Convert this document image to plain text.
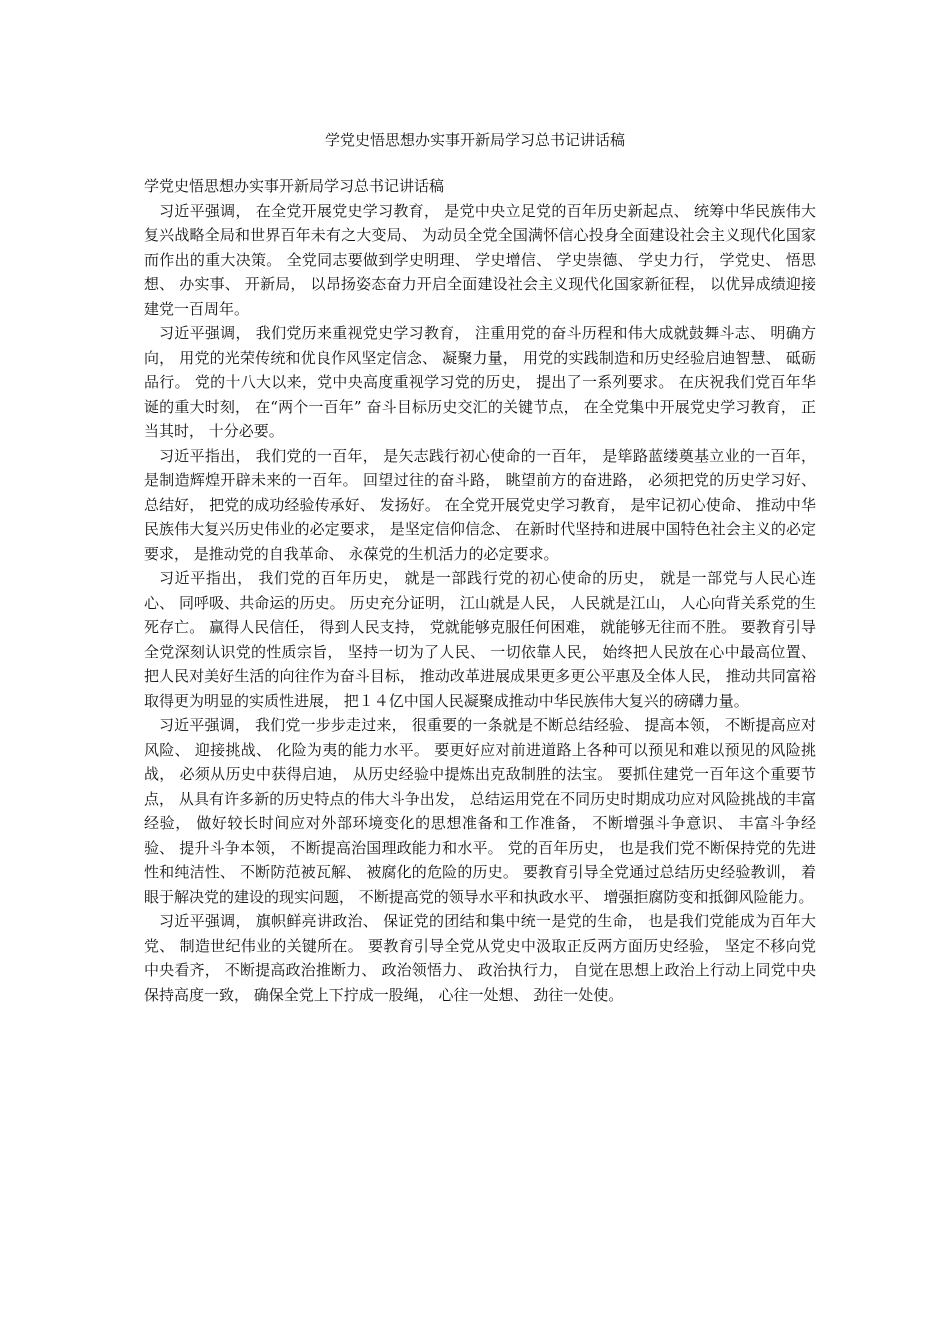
学党史悟思想办实事开新局学习总书记讲话稿

学党史悟思想办实事开新局学习总书记讲话稿

习近平强调， 在全党开展党史学习教育， 是党中央立足党的百年历史新起点、 统筹中华民族伟大复兴战略全局和世界百年未有之大变局、 为动员全党全国满怀信心投身全面建设社会主义现代化国家而作出的重大决策。 全党同志要做到学史明理、 学史增信、 学史崇德、 学史力行， 学党史、 悟思想、 办实事、 开新局， 以昂扬姿态奋力开启全面建设社会主义现代化国家新征程， 以优异成绩迎接建党一百周年。

习近平强调， 我们党历来重视党史学习教育， 注重用党的奋斗历程和伟大成就鼓舞斗志、 明确方向， 用党的光荣传统和优良作风坚定信念、 凝聚力量， 用党的实践制造和历史经验启迪智慧、 砥砺品行。 党的十八大以来，党中央高度重视学习党的历史， 提出了一系列要求。 在庆祝我们党百年华诞的重大时刻， 在“两个一百年” 奋斗目标历史交汇的关键节点， 在全党集中开展党史学习教育， 正当其时， 十分必要。

习近平指出， 我们党的一百年， 是矢志践行初心使命的一百年， 是筚路蓝缕奠基立业的一百年， 是制造辉煌开辟未来的一百年。 回望过往的奋斗路， 眺望前方的奋进路， 必须把党的历史学习好、 总结好， 把党的成功经验传承好、 发扬好。 在全党开展党史学习教育， 是牢记初心使命、 推动中华民族伟大复兴历史伟业的必定要求， 是坚定信仰信念、 在新时代坚持和进展中国特色社会主义的必定要求， 是推动党的自我革命、 永葆党的生机活力的必定要求。

习近平指出， 我们党的百年历史， 就是一部践行党的初心使命的历史， 就是一部党与人民心连心、 同呼吸、共命运的历史。 历史充分证明， 江山就是人民， 人民就是江山， 人心向背关系党的生死存亡。 赢得人民信任， 得到人民支持， 党就能够克服任何困难， 就能够无往而不胜。 要教育引导全党深刻认识党的性质宗旨， 坚持一切为了人民、 一切依靠人民， 始终把人民放在心中最高位置、 把人民对美好生活的向往作为奋斗目标， 推动改革进展成果更多更公平惠及全体人民， 推动共同富裕取得更为明显的实质性进展， 把１４亿中国人民凝聚成推动中华民族伟大复兴的磅礴力量。

习近平强调， 我们党一步步走过来， 很重要的一条就是不断总结经验、 提高本领， 不断提高应对风险、 迎接挑战、 化险为夷的能力水平。 要更好应对前进道路上各种可以预见和难以预见的风险挑战， 必须从历史中获得启迪， 从历史经验中提炼出克敌制胜的法宝。 要抓住建党一百年这个重要节点， 从具有许多新的历史特点的伟大斗争出发， 总结运用党在不同历史时期成功应对风险挑战的丰富经验， 做好较长时间应对外部环境变化的思想准备和工作准备， 不断增强斗争意识、 丰富斗争经验、 提升斗争本领， 不断提高治国理政能力和水平。 党的百年历史， 也是我们党不断保持党的先进性和纯洁性、 不断防范被瓦解、 被腐化的危险的历史。 要教育引导全党通过总结历史经验教训， 着眼于解决党的建设的现实问题， 不断提高党的领导水平和执政水平、 增强拒腐防变和抵御风险能力。

习近平强调， 旗帜鲜亮讲政治、 保证党的团结和集中统一是党的生命， 也是我们党能成为百年大党、 制造世纪伟业的关键所在。 要教育引导全党从党史中汲取正反两方面历史经验， 坚定不移向党中央看齐， 不断提高政治推断力、 政治领悟力、 政治执行力， 自觉在思想上政治上行动上同党中央保持高度一致， 确保全党上下拧成一股绳， 心往一处想、 劲往一处使。
